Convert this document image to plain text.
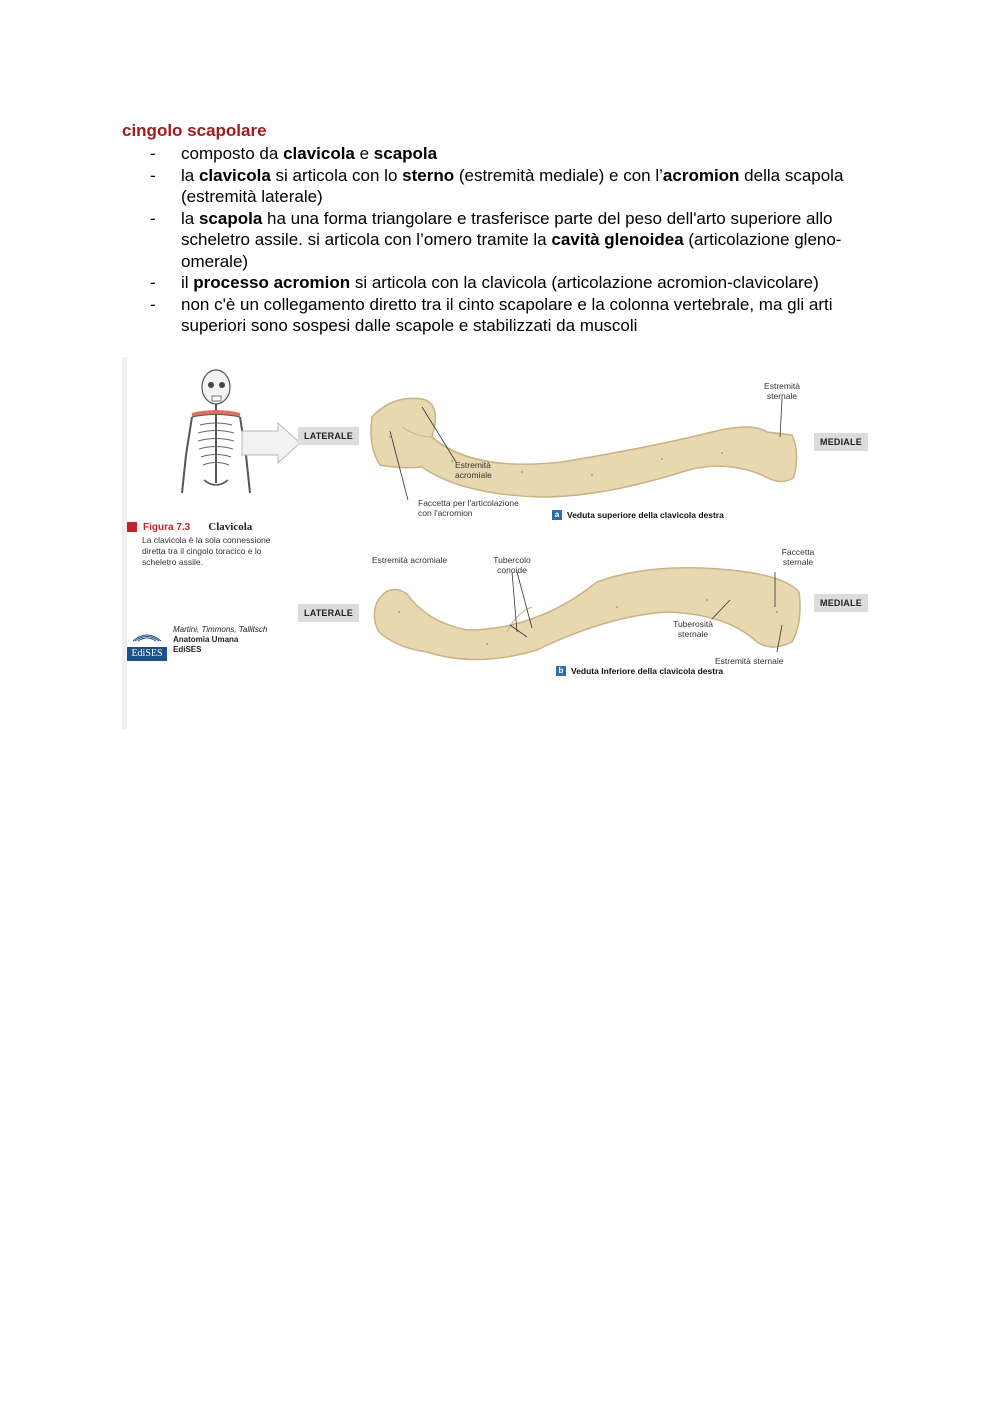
cingolo scapolare
- composto da clavicola e scapola
- la clavicola si articola con lo sterno (estremità mediale) e con l’acromion della scapola (estremità laterale)
- la scapola ha una forma triangolare e trasferisce parte del peso dell'arto superiore allo scheletro assile. si articola con l’omero tramite la cavità glenoidea (articolazione gleno-omerale)
- il processo acromion si articola con la clavicola (articolazione acromion-clavicolare)
- non c'è un collegamento diretto tra il cinto scapolare e la colonna vertebrale, ma gli arti superiori sono sospesi dalle scapole e stabilizzati da muscoli
LATERALE
MEDIALE
Estremità
sternale
Estremità
acromiale
Faccetta per l'articolazione
con l'acromion	a Veduta superiore della clavicola destra
LATERALE
MEDIALE
Estremità acromiale	Tubercolo
conoide
Faccetta
sternale
Tuberosità
sternale
Estremità sternale
b Veduta Inferiore della clavicola destra
Figura 7.3 Clavicola
La clavicola è la sola connessione diretta tra il cingolo toracico e lo scheletro assile.
EdiSES
Martini, Timmons, Tallitsch
Anatomia Umana
EdiSES
